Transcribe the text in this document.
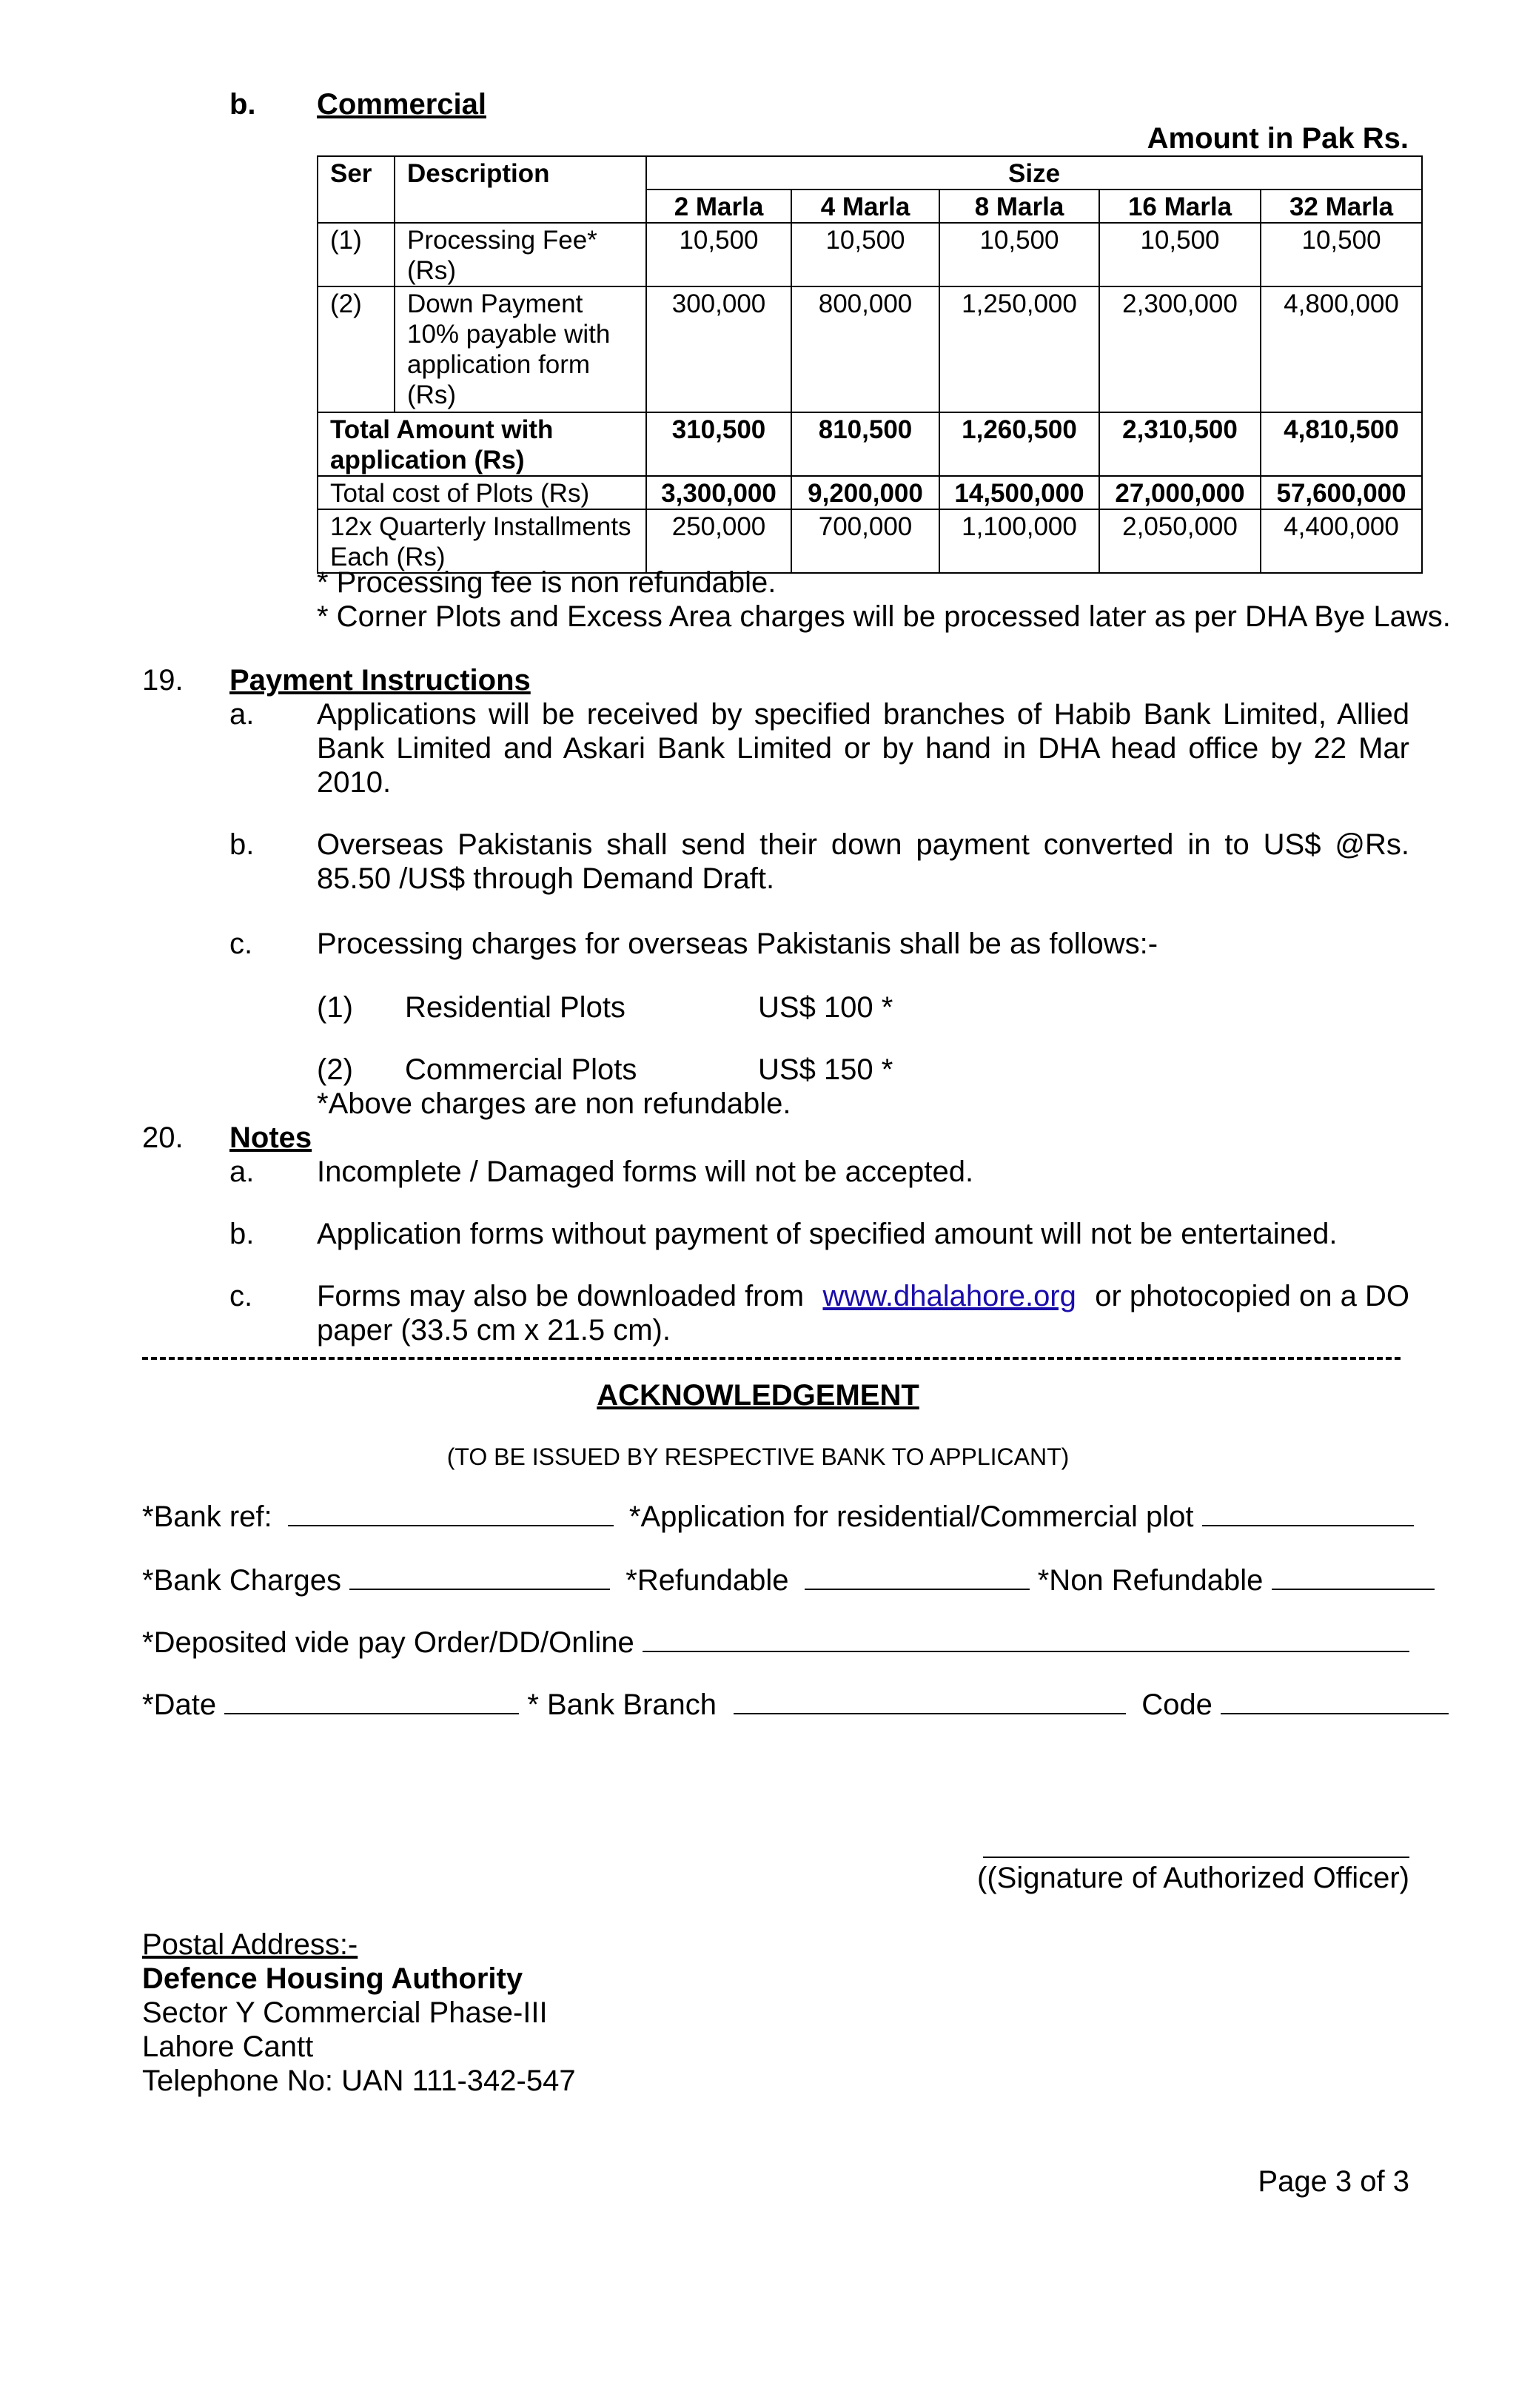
b. Commercial
Amount in Pak Rs.
Ser	Description	Size				
		2 Marla	4 Marla	8 Marla	16 Marla	32 Marla
(1)	Processing Fee* (Rs)	10,500	10,500	10,500	10,500	10,500
(2)	Down Payment 10% payable with application form (Rs)	300,000	800,000	1,250,000	2,300,000	4,800,000
Total Amount with application (Rs)		310,500	810,500	1,260,500	2,310,500	4,810,500
Total cost of Plots (Rs)		3,300,000	9,200,000	14,500,000	27,000,000	57,600,000
12x Quarterly Installments Each (Rs)		250,000	700,000	1,100,000	2,050,000	4,400,000
* Processing fee is non refundable.
* Corner Plots and Excess Area charges will be processed later as per DHA Bye Laws.
19. Payment Instructions
a. Applications will be received by specified branches of Habib Bank Limited, Allied Bank Limited and Askari Bank Limited or by hand in DHA head office by 22 Mar 2010.
b. Overseas Pakistanis shall send their down payment converted in to US$ @Rs. 85.50 /US$ through Demand Draft.
c. Processing charges for overseas Pakistanis shall be as follows:-
(1) Residential Plots	US$ 100 *
(2) Commercial Plots	US$ 150 *
*Above charges are non refundable.
20. Notes
a. Incomplete / Damaged forms will not be accepted.
b. Application forms without payment of specified amount will not be entertained.
c. Forms may also be downloaded from www.dhalahore.org or photocopied on a DO
paper (33.5 cm x 21.5 cm).
ACKNOWLEDGEMENT
(TO BE ISSUED BY RESPECTIVE BANK TO APPLICANT)
*Bank ref:	*Application for residential/Commercial plot
*Bank Charges	*Refundable	*Non Refundable
*Deposited vide pay Order/DD/Online
*Date	* Bank Branch	Code
((Signature of Authorized Officer)
Postal Address:-
Defence Housing Authority
Sector Y Commercial Phase-III
Lahore Cantt
Telephone No: UAN 111-342-547
Page 3 of 3
